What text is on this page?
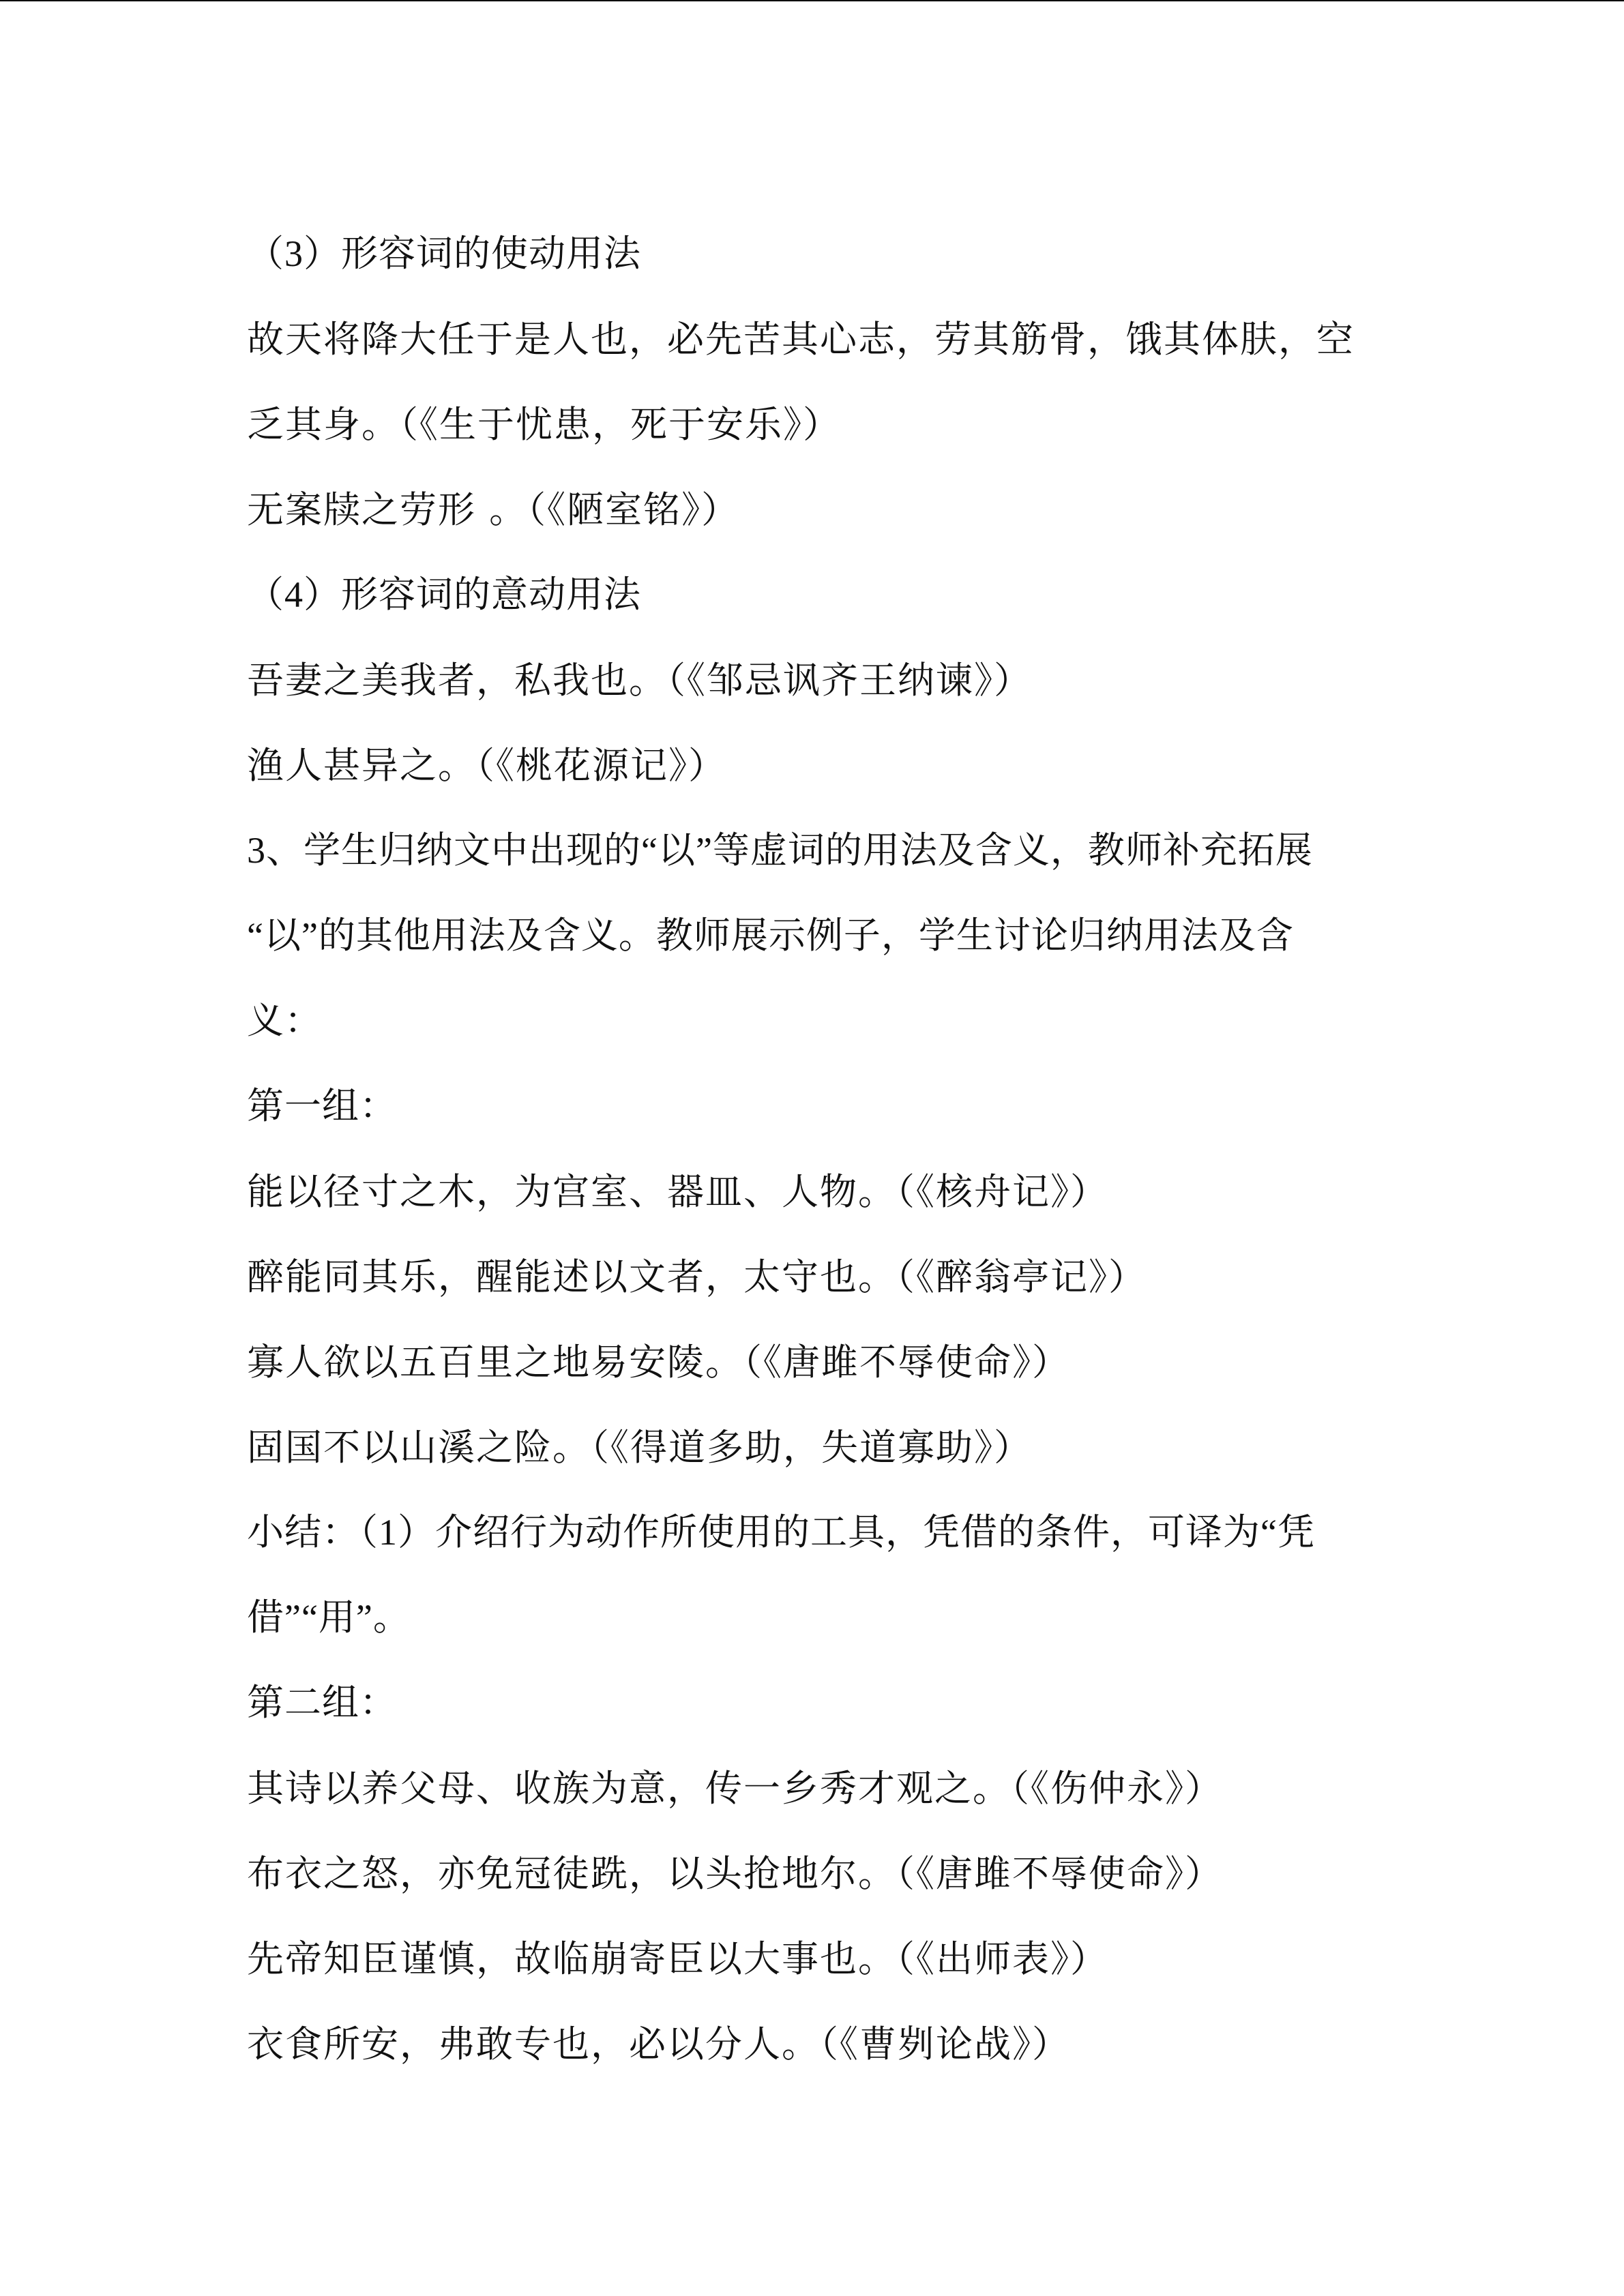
（3）形容词的使动用法
故天将降大任于是人也，必先苦其心志，劳其筋骨，饿其体肤，空
乏其身。（《生于忧患，死于安乐》）
无案牍之劳形 。（《陋室铭》）
（4）形容词的意动用法
吾妻之美我者，私我也。（《邹忌讽齐王纳谏》）
渔人甚异之。（《桃花源记》）
3、学生归纳文中出现的“以”等虚词的用法及含义，教师补充拓展
“以”的其他用法及含义。教师展示例子，学生讨论归纳用法及含
义：
第一组：
能以径寸之木，为宫室、器皿、人物。（《核舟记》）
醉能同其乐，醒能述以文者，太守也。（《醉翁亭记》）
寡人欲以五百里之地易安陵。（《唐雎不辱使命》）
固国不以山溪之险。（《得道多助，失道寡助》）
小结：（1）介绍行为动作所使用的工具，凭借的条件，可译为“凭
借”“用”。
第二组：
其诗以养父母、收族为意，传一乡秀才观之。（《伤仲永》）
布衣之怒，亦免冠徒跣，以头抢地尔。（《唐雎不辱使命》）
先帝知臣谨慎，故临崩寄臣以大事也。（《出师表》）
衣食所安，弗敢专也，必以分人。（《曹刿论战》）
